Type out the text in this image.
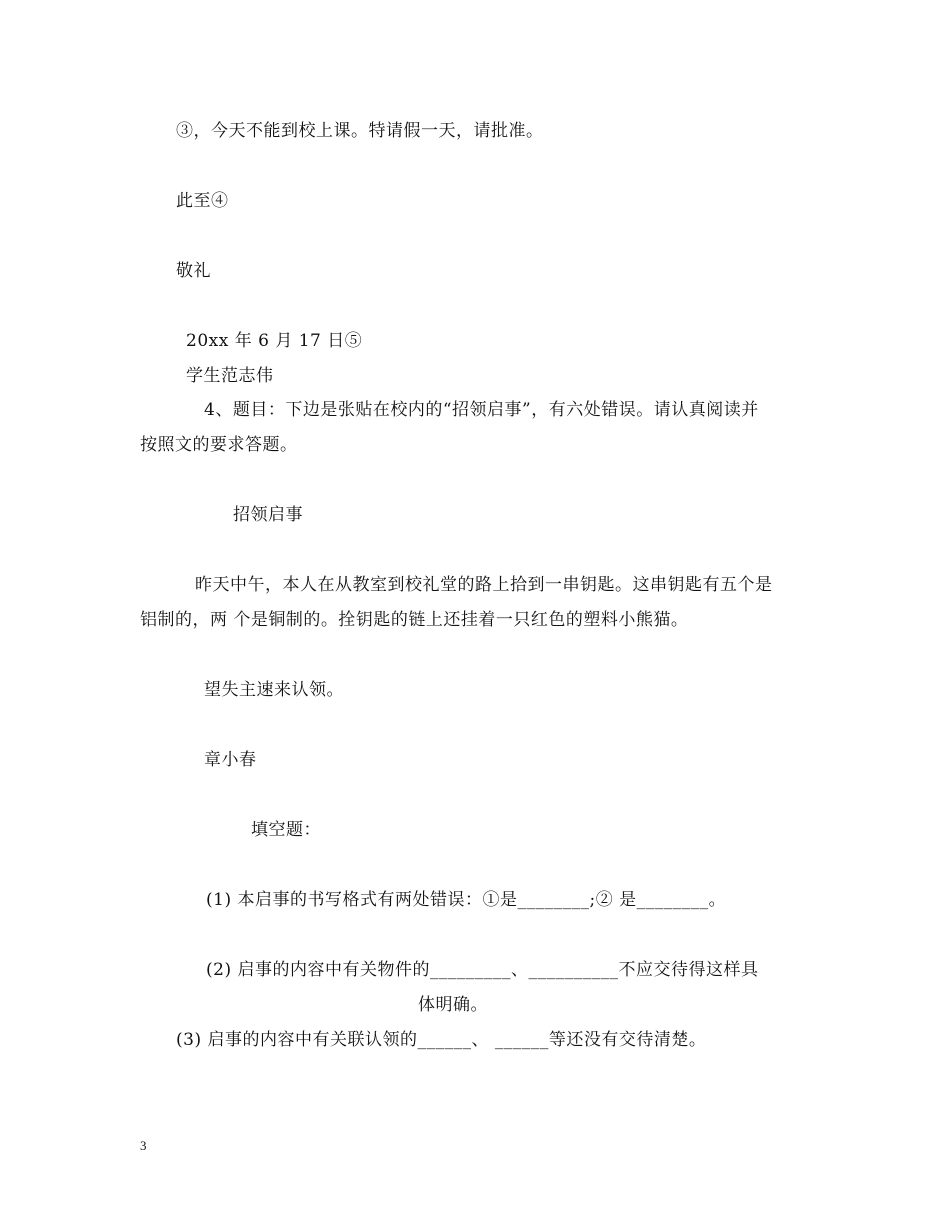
③，今天不能到校上课。特请假一天，请批准。
此至④
敬礼
20xx 年 6 月 17 日⑤
学生范志伟
4、题目：下边是张贴在校内的“招领启事”，有六处错误。请认真阅读并
按照文的要求答题。
招领启事
昨天中午，本人在从教室到校礼堂的路上拾到一串钥匙。这串钥匙有五个是
铝制的，两 个是铜制的。拴钥匙的链上还挂着一只红色的塑料小熊猫。
望失主速来认领。
章小春
填空题：
(1) 本启事的书写格式有两处错误：①是________;② 是________。
(2) 启事的内容中有关物件的_________、__________不应交待得这样具
体明确。
(3) 启事的内容中有关联认领的______、 ______等还没有交待清楚。
3
